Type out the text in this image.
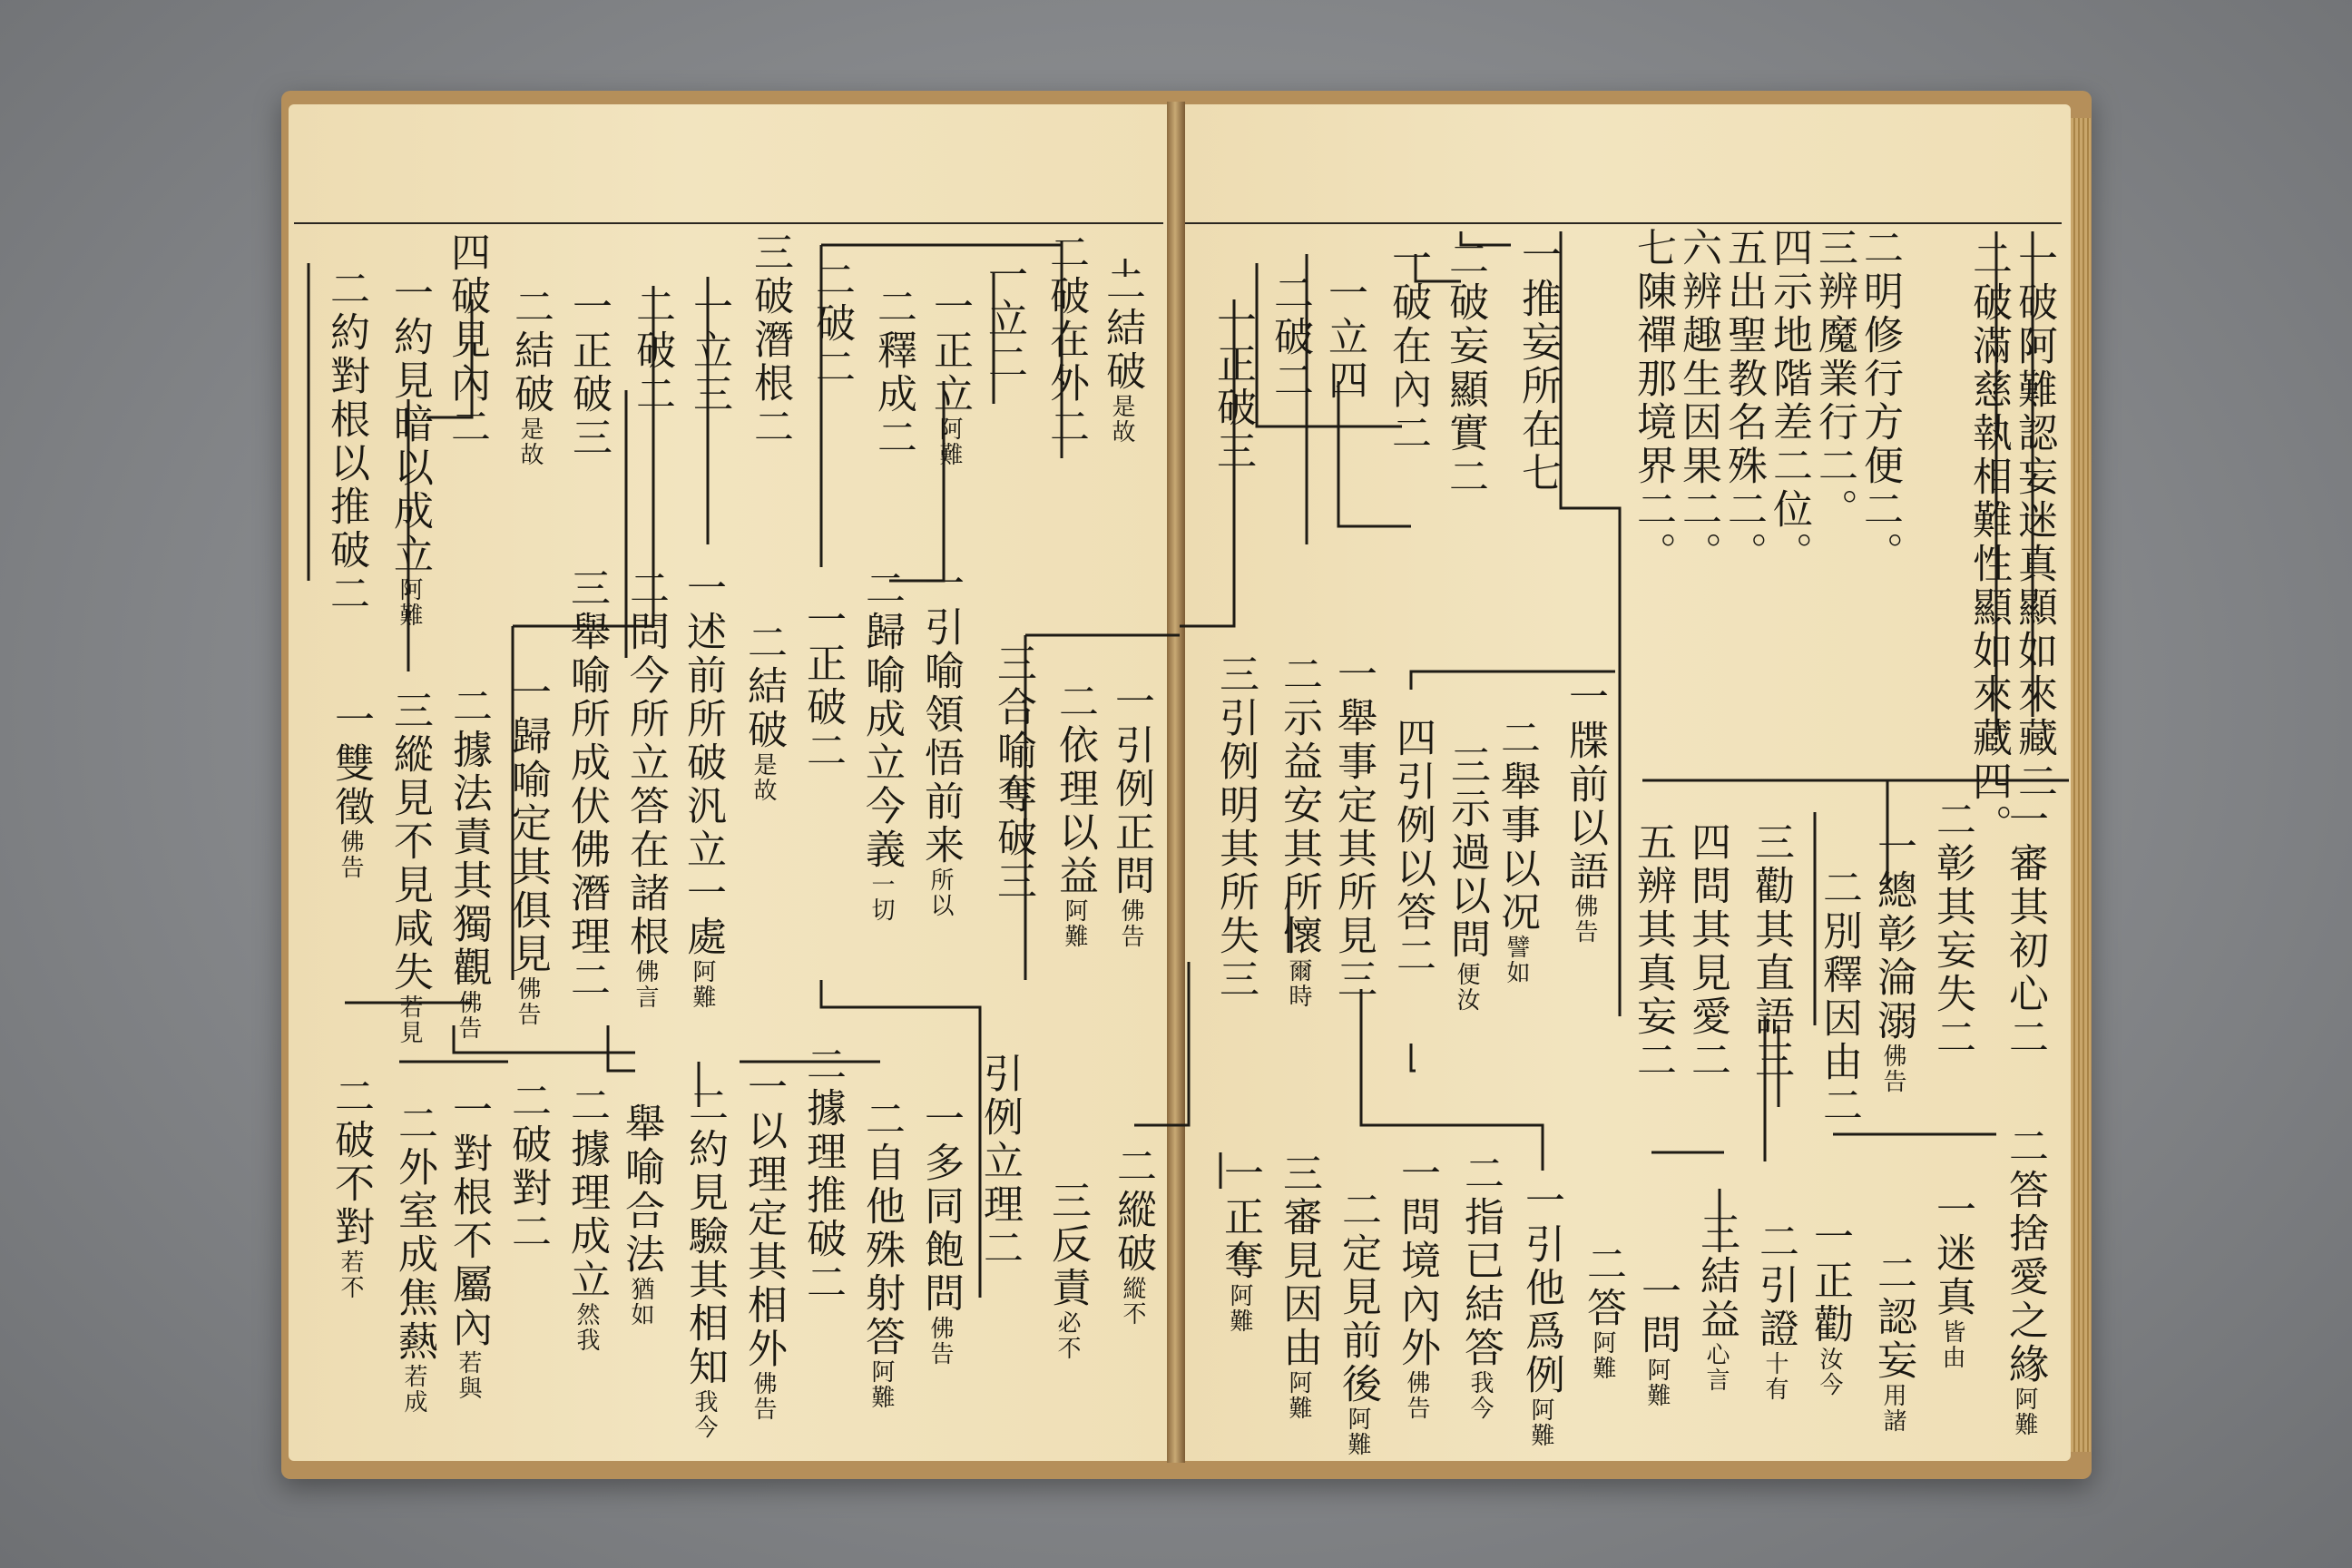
一破阿難認妄迷真顯如來藏二
二破滿慈執相難性顯如來藏四。
二明修行方便二。
三辨魔業行二。
四示地階差二位。
五出聖教名殊二。
六辨趣生因果二。
七陳禪那境界二。
一推妄所在七
二破妄顯實二
一破在內二
一立四
二破二
一正破三
一牒前以語佛告
二舉事以况譬如
三示過以問便汝
四引例以答二
一舉事定其所見三
二示益安其所懷爾時
三引例明其所失三
一引例正問佛告
二依理以益阿難
三合喻奪破三
二縱破縱不
三反責必不
一審其初心二
二彰其妄失二
一總彰淪溺佛告
二別釋因由二
三勸其直語三
四問其見愛二
五辨其真妄二
二答捨愛之緣阿難
一迷真皆由
二認妄用諸
一正勸汝今
二引證十有
三結益心言
一問阿難
二答阿難
一引他爲例阿難
二指已結答我今
一問境內外佛告
二定見前後阿難
三審見因由阿難
一正奪阿難
二結破是故
二破在外二
一立二
一正立阿難
二釋成二
二破二
三破潛根二
一立三
二破二
一正破三
二結破是故
四破見內二
一約見暗以成立阿難
二約對根以推破二
一引喻領悟前来所以
二歸喻成立今義一切
一正破二
二結破是故
一述前所破汎立一處阿難
二問今所立答在諸根佛言
三舉喻所成伏佛潛理二
一歸喻定其俱見佛告
二據法責其獨觀佛告
三縱見不見咸失若見
一雙徵佛告
引例立理二
一多同飽問佛告
二自他殊射答阿難
二據理推破二
一以理定其相外佛告
二約見驗其相知我今
舉喻合法猶如
二據理成立然我
二破對二
一對根不屬內若與
二外室成焦爇若成
二破不對若不
